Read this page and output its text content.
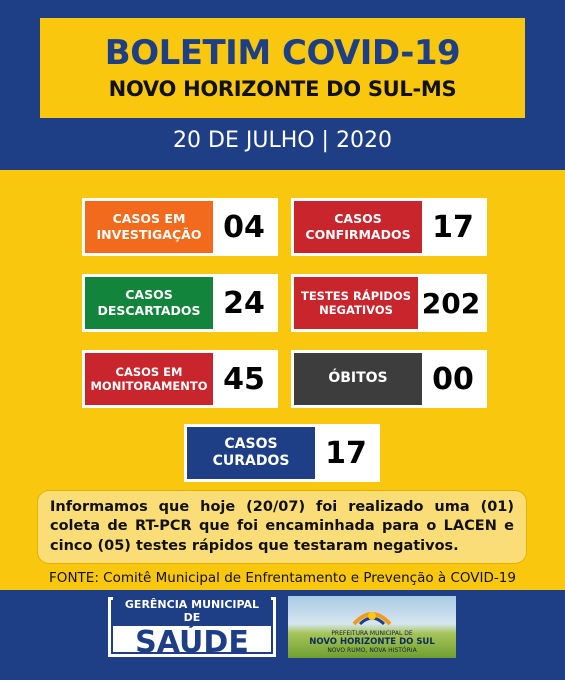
BOLETIM COVID-19
NOVO HORIZONTE DO SUL-MS
20 DE JULHO | 2020
CASOS EM
INVESTIGAÇÃO 04	CASOS
CONFIRMADOS 17
CASOS
DESCARTADOS 24	TESTES RÁPIDOS
NEGATIVOS	202
CASOS EM
MONITORAMENTO 45	ÓBITOS	00
CASOS
CURADOS	17
Informamos que hoje (20/07) foi realizado uma (01) coleta de RT-PCR que foi encaminhada para o LACEN e cinco (05) testes rápidos que testaram negativos.
FONTE: Comitê Municipal de Enfrentamento e Prevenção à COVID-19
GERÊNCIA MUNICIPAL DE
SAÚDE	PREFEITURA MUNICIPAL DE
NOVO HORIZONTE DO SUL
NOVO RUMO, NOVA HISTÓRIA
